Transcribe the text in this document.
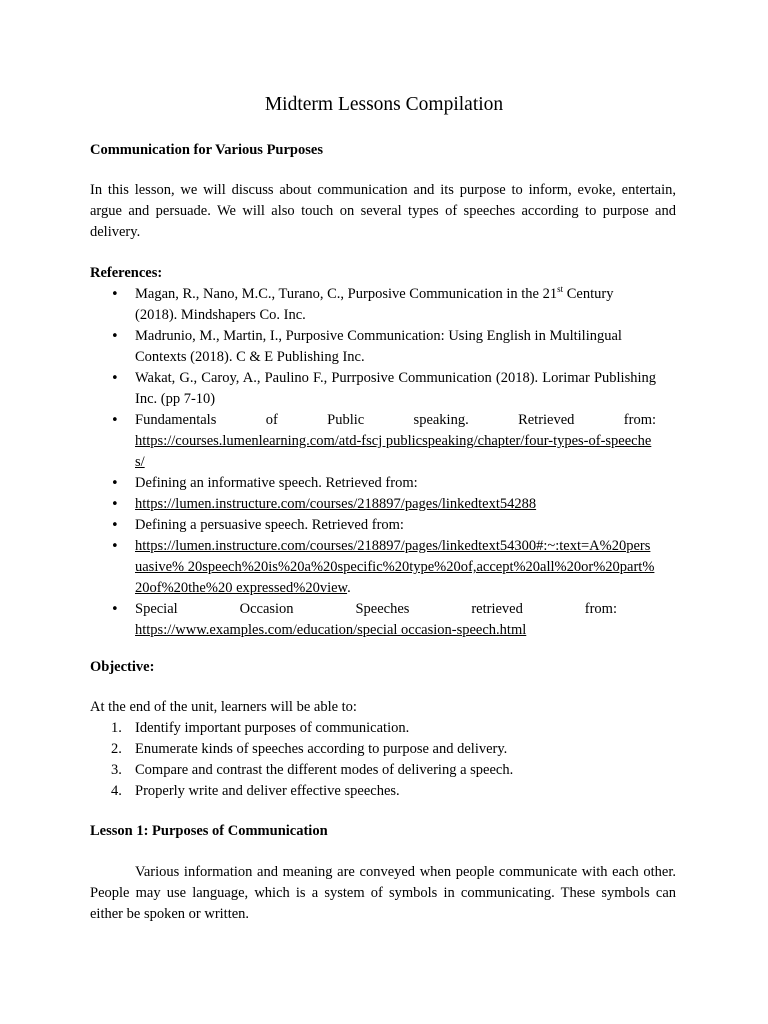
Midterm Lessons Compilation
Communication for Various Purposes
In this lesson, we will discuss about communication and its purpose to inform, evoke, entertain, argue and persuade. We will also touch on several types of speeches according to purpose and delivery.
References:
• Magan, R., Nano, M.C., Turano, C., Purposive Communication in the 21st Century (2018). Mindshapers Co. Inc.
• Madrunio, M., Martin, I., Purposive Communication: Using English in Multilingual Contexts (2018). C & E Publishing Inc.
• Wakat, G., Caroy, A., Paulino F., Purrposive Communication (2018). Lorimar Publishing Inc. (pp 7-10)
• Fundamentals of Public speaking. Retrieved from:
https://courses.lumenlearning.com/atd-fscj publicspeaking/chapter/four-types-of-speeches/
• Defining an informative speech. Retrieved from:
• https://lumen.instructure.com/courses/218897/pages/linkedtext54288
• Defining a persuasive speech. Retrieved from:
• https://lumen.instructure.com/courses/218897/pages/linkedtext54300#:~:text=A%20persuasive% 20speech%20is%20a%20specific%20type%20of,accept%20all%20or%20part%20of%20the%20 expressed%20view.
• Special Occasion Speeches retrieved from:
https://www.examples.com/education/special occasion-speech.html
Objective:
At the end of the unit, learners will be able to:
1. Identify important purposes of communication.
2. Enumerate kinds of speeches according to purpose and delivery.
3. Compare and contrast the different modes of delivering a speech.
4. Properly write and deliver effective speeches.
Lesson 1: Purposes of Communication
Various information and meaning are conveyed when people communicate with each other. People may use language, which is a system of symbols in communicating. These symbols can either be spoken or written.
